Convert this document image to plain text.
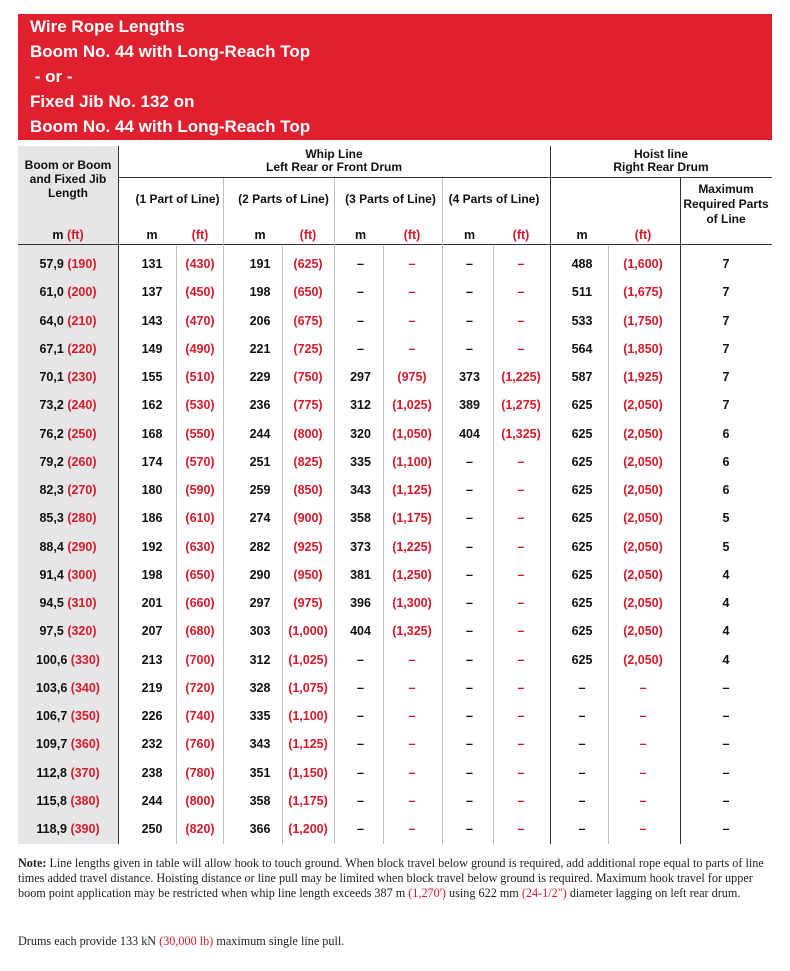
Wire Rope Lengths
Boom No. 44 with Long-Reach Top
- or -
Fixed Jib No. 132 on
Boom No. 44 with Long-Reach Top
Boom or Boom and Fixed Jib Length
Whip Line
Left Rear or Front Drum
Hoist line
Right Rear Drum
(1 Part of Line)	(2 Parts of Line) (3 Parts of Line) (4 Parts of Line)
Maximum Required Parts of Line
m (ft)	m	(ft)	m	(ft)	m	(ft)	m	(ft)	m	(ft)
57,9 (190)	131	(430)	191	(625)	–	–	–	–	488	(1,600)	7
61,0 (200)	137	(450)	198	(650)	–	–	–	–	511	(1,675)	7
64,0 (210)	143	(470)	206	(675)	–	–	–	–	533	(1,750)	7
67,1 (220)	149	(490)	221	(725)	–	–	–	–	564	(1,850)	7
70,1 (230)	155	(510)	229	(750)	297	(975)	373	(1,225)	587	(1,925)	7
73,2 (240)	162	(530)	236	(775)	312	(1,025)	389	(1,275)	625	(2,050)	7
76,2 (250)	168	(550)	244	(800)	320	(1,050)	404	(1,325)	625	(2,050)	6
79,2 (260)	174	(570)	251	(825)	335	(1,100)	–	–	625	(2,050)	6
82,3 (270)	180	(590)	259	(850)	343	(1,125)	–	–	625	(2,050)	6
85,3 (280)	186	(610)	274	(900)	358	(1,175)	–	–	625	(2,050)	5
88,4 (290)	192	(630)	282	(925)	373	(1,225)	–	–	625	(2,050)	5
91,4 (300)	198	(650)	290	(950)	381	(1,250)	–	–	625	(2,050)	4
94,5 (310)	201	(660)	297	(975)	396	(1,300)	–	–	625	(2,050)	4
97,5 (320)	207	(680)	303	(1,000)	404	(1,325)	–	–	625	(2,050)	4
100,6 (330)	213	(700)	312	(1,025)	–	–	–	–	625	(2,050)	4
103,6 (340)	219	(720)	328	(1,075)	–	–	–	–	–	–	–
106,7 (350)	226	(740)	335	(1,100)	–	–	–	–	–	–	–
109,7 (360)	232	(760)	343	(1,125)	–	–	–	–	–	–	–
112,8 (370)	238	(780)	351	(1,150)	–	–	–	–	–	–	–
115,8 (380)	244	(800)	358	(1,175)	–	–	–	–	–	–	–
118,9 (390)	250	(820)	366	(1,200)	–	–	–	–	–	–	–
Note: Line lengths given in table will allow hook to touch ground. When block travel below ground is required, add additional rope equal to parts of line times added travel distance. Hoisting distance or line pull may be limited when block travel below ground is required. Maximum hook travel for upper boom point application may be restricted when whip line length exceeds 387 m (1,270') using 622 mm (24-1/2") diameter lagging on left rear drum.
Drums each provide 133 kN (30,000 lb) maximum single line pull.
